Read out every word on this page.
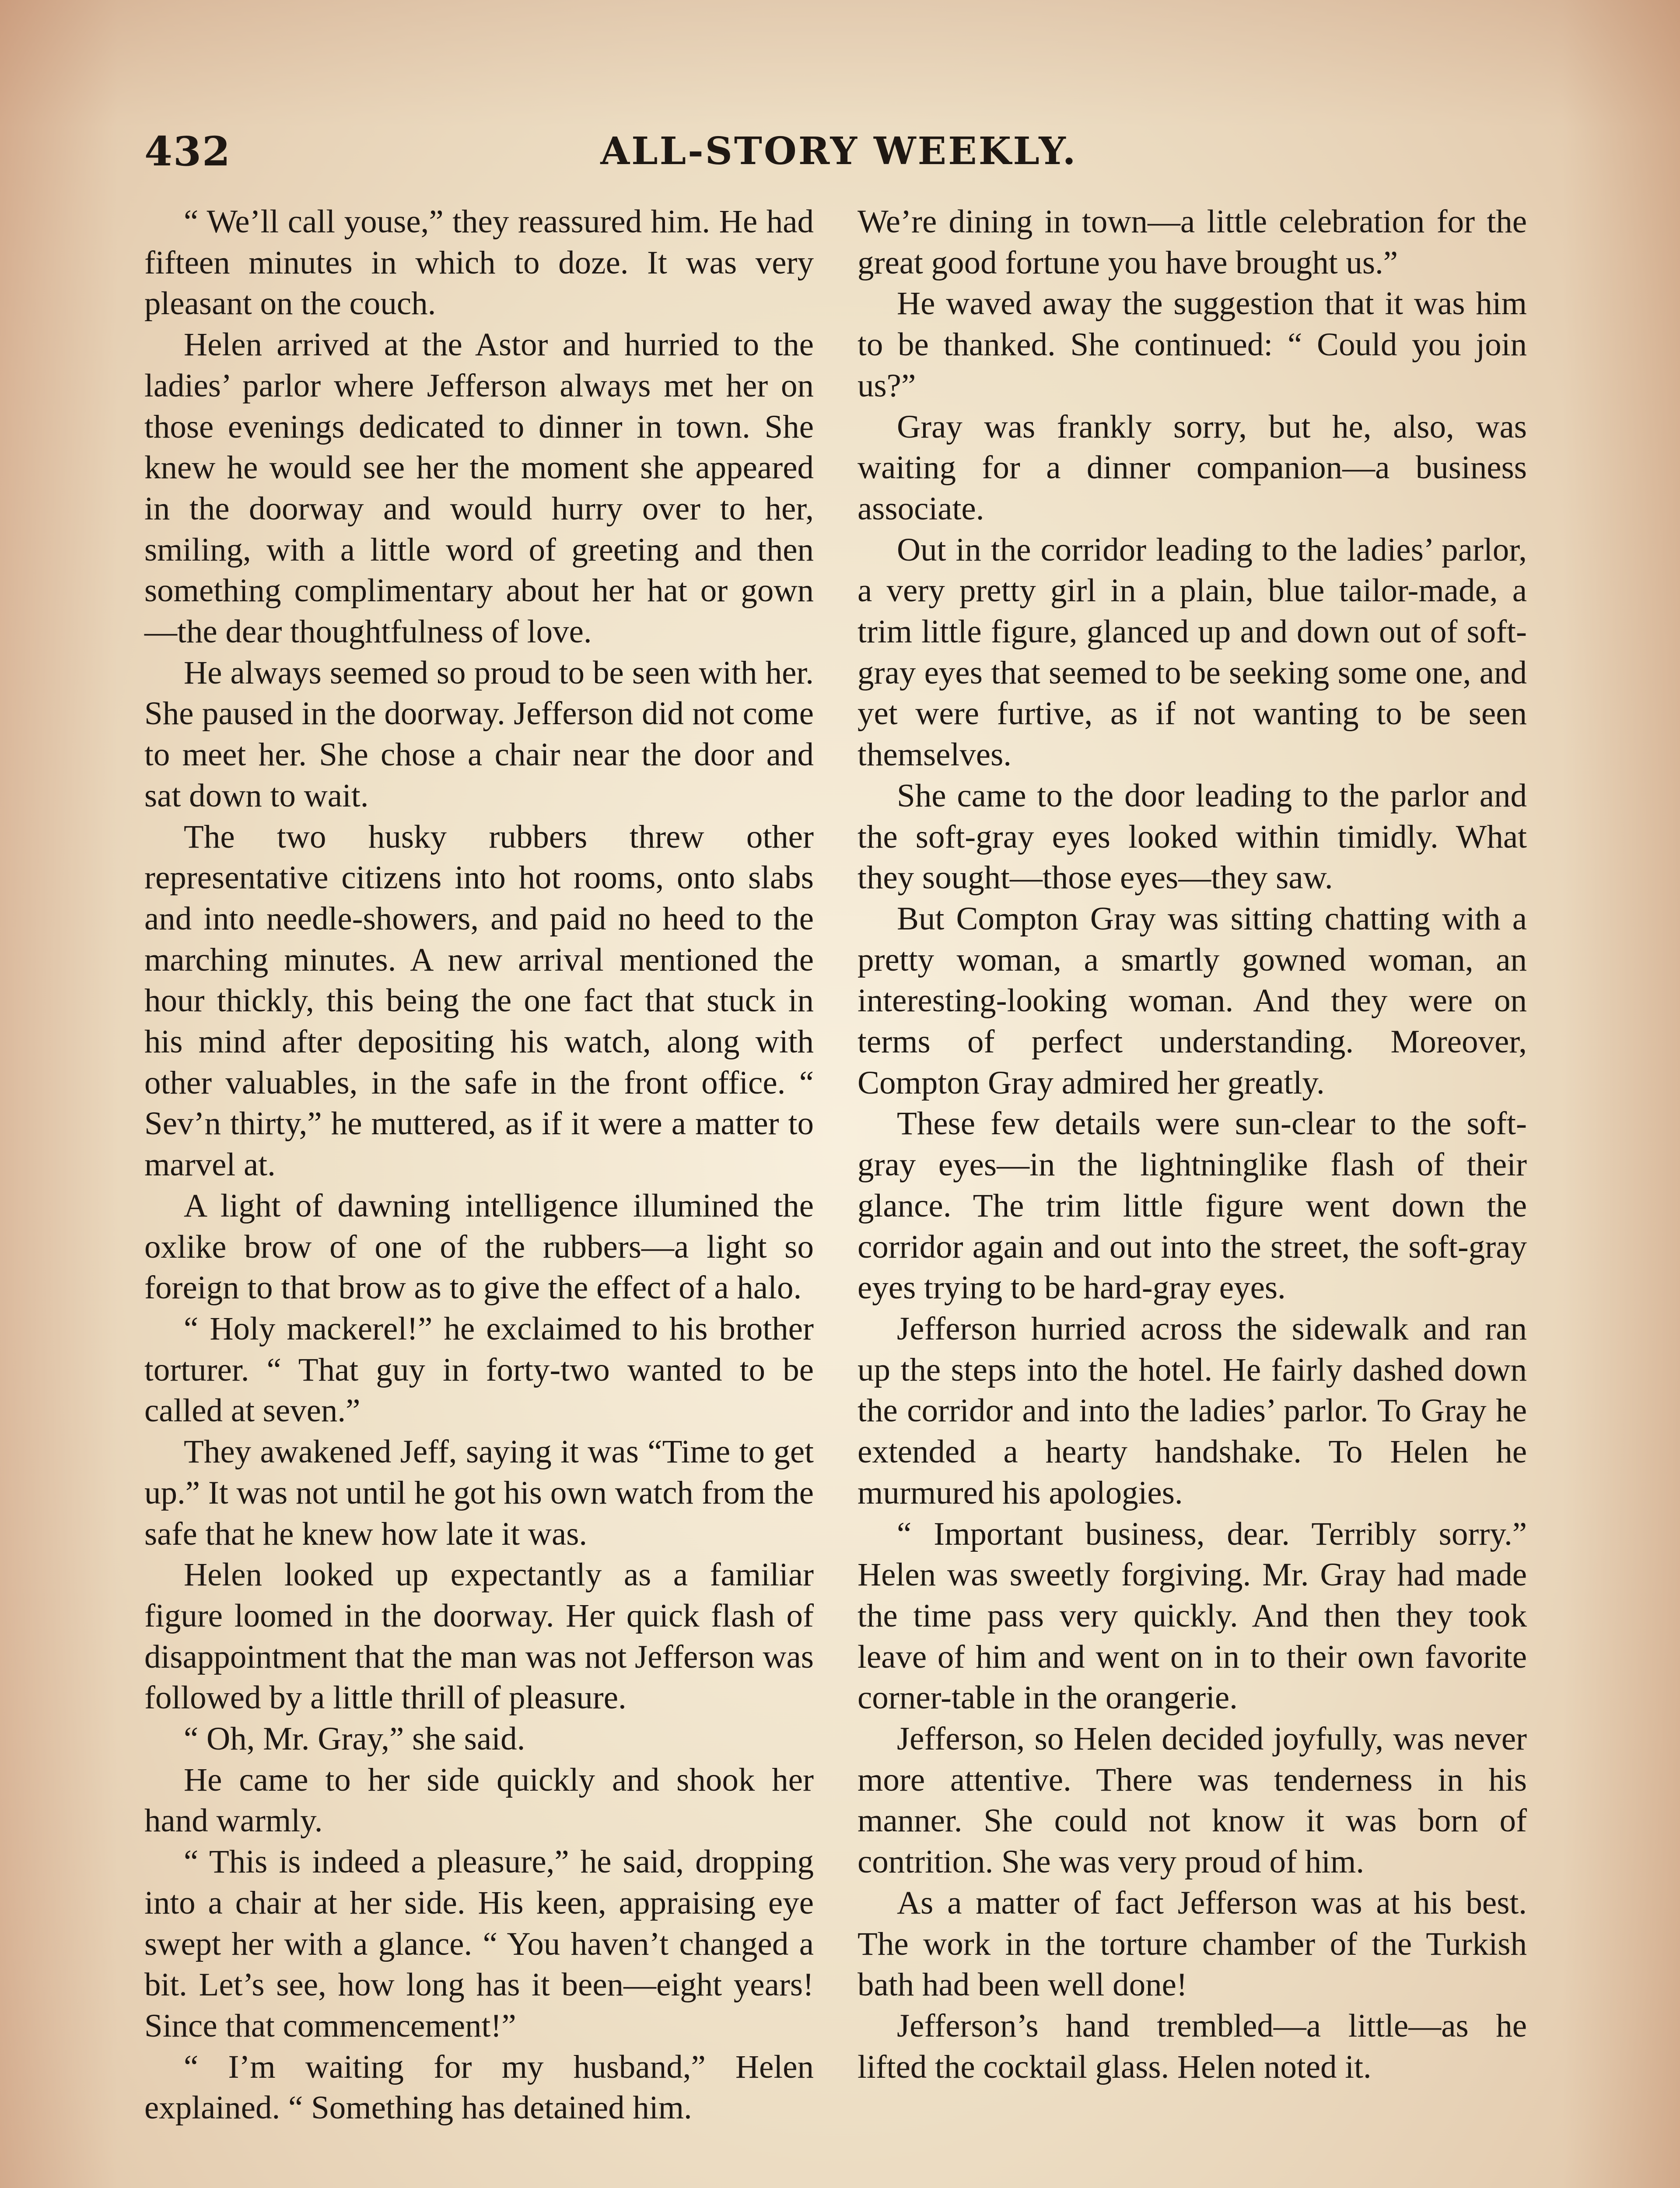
432	ALL-STORY WEEKLY.

“ We’ll call youse,” they reassured him. He had fifteen minutes in which to doze. It was very pleasant on the couch.

Helen arrived at the Astor and hurried to the ladies’ parlor where Jefferson always met her on those evenings dedicated to dinner in town. She knew he would see her the moment she appeared in the doorway and would hurry over to her, smiling, with a little word of greeting and then something complimentary about her hat or gown—the dear thoughtfulness of love.

He always seemed so proud to be seen with her. She paused in the doorway. Jefferson did not come to meet her. She chose a chair near the door and sat down to wait.

The two husky rubbers threw other representative citizens into hot rooms, onto slabs and into needle-showers, and paid no heed to the marching minutes. A new arrival mentioned the hour thickly, this being the one fact that stuck in his mind after depositing his watch, along with other valuables, in the safe in the front office. “ Sev’n thirty,” he muttered, as if it were a matter to marvel at.

A light of dawning intelligence illumined the oxlike brow of one of the rubbers—a light so foreign to that brow as to give the effect of a halo.

“ Holy mackerel!” he exclaimed to his brother torturer. “ That guy in forty-two wanted to be called at seven.”

They awakened Jeff, saying it was “Time to get up.” It was not until he got his own watch from the safe that he knew how late it was.

Helen looked up expectantly as a familiar figure loomed in the doorway. Her quick flash of disappointment that the man was not Jefferson was followed by a little thrill of pleasure.

“ Oh, Mr. Gray,” she said.

He came to her side quickly and shook her hand warmly.

“ This is indeed a pleasure,” he said, dropping into a chair at her side. His keen, appraising eye swept her with a glance. “ You haven’t changed a bit. Let’s see, how long has it been—eight years! Since that commencement!”

“ I’m waiting for my husband,” Helen explained. “ Something has detained him.

We’re dining in town—a little celebration for the great good fortune you have brought us.”

He waved away the suggestion that it was him to be thanked. She continued: “ Could you join us?”

Gray was frankly sorry, but he, also, was waiting for a dinner companion—a business associate.

Out in the corridor leading to the ladies’ parlor, a very pretty girl in a plain, blue tailor-made, a trim little figure, glanced up and down out of soft-gray eyes that seemed to be seeking some one, and yet were furtive, as if not wanting to be seen themselves.

She came to the door leading to the parlor and the soft-gray eyes looked within timidly. What they sought—those eyes—they saw.

But Compton Gray was sitting chatting with a pretty woman, a smartly gowned woman, an interesting-looking woman. And they were on terms of perfect understanding. Moreover, Compton Gray admired her greatly.

These few details were sun-clear to the soft-gray eyes—in the lightninglike flash of their glance. The trim little figure went down the corridor again and out into the street, the soft-gray eyes trying to be hard-gray eyes.

Jefferson hurried across the sidewalk and ran up the steps into the hotel. He fairly dashed down the corridor and into the ladies’ parlor. To Gray he extended a hearty handshake. To Helen he murmured his apologies.

“ Important business, dear. Terribly sorry.” Helen was sweetly forgiving. Mr. Gray had made the time pass very quickly. And then they took leave of him and went on in to their own favorite corner-table in the orangerie.

Jefferson, so Helen decided joyfully, was never more attentive. There was tenderness in his manner. She could not know it was born of contrition. She was very proud of him.

As a matter of fact Jefferson was at his best. The work in the torture chamber of the Turkish bath had been well done!

Jefferson’s hand trembled—a little—as he lifted the cocktail glass. Helen noted it.
